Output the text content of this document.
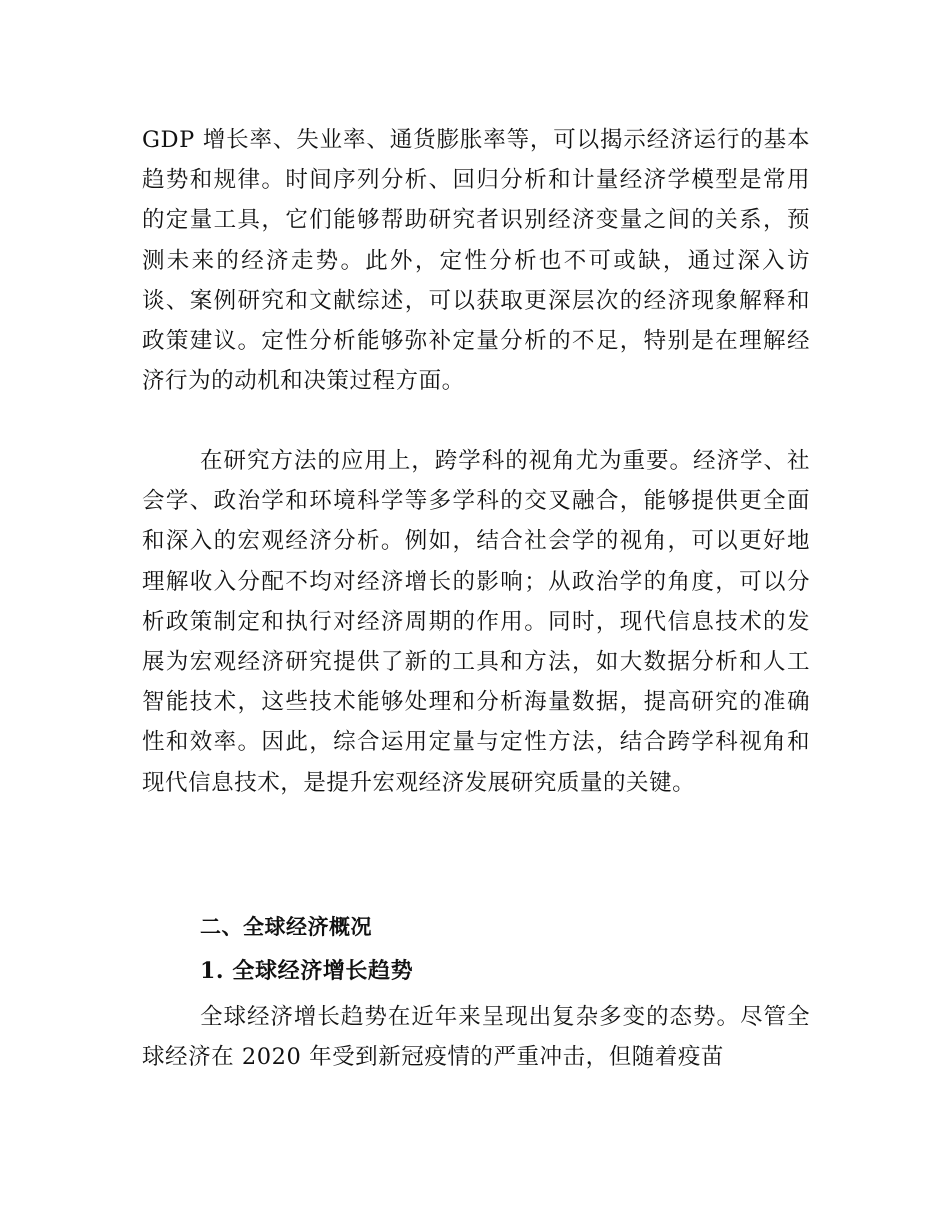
GDP 增长率、失业率、通货膨胀率等，可以揭示经济运行的基本趋势和规律。时间序列分析、回归分析和计量经济学模型是常用的定量工具，它们能够帮助研究者识别经济变量之间的关系，预测未来的经济走势。此外，定性分析也不可或缺，通过深入访谈、案例研究和文献综述，可以获取更深层次的经济现象解释和政策建议。定性分析能够弥补定量分析的不足，特别是在理解经济行为的动机和决策过程方面。

在研究方法的应用上，跨学科的视角尤为重要。经济学、社会学、政治学和环境科学等多学科的交叉融合，能够提供更全面和深入的宏观经济分析。例如，结合社会学的视角，可以更好地理解收入分配不均对经济增长的影响；从政治学的角度，可以分析政策制定和执行对经济周期的作用。同时，现代信息技术的发展为宏观经济研究提供了新的工具和方法，如大数据分析和人工智能技术，这些技术能够处理和分析海量数据，提高研究的准确性和效率。因此，综合运用定量与定性方法，结合跨学科视角和现代信息技术，是提升宏观经济发展研究质量的关键。

二、全球经济概况
1. 全球经济增长趋势

全球经济增长趋势在近年来呈现出复杂多变的态势。尽管全球经济在 2020 年受到新冠疫情的严重冲击，但随着疫苗
